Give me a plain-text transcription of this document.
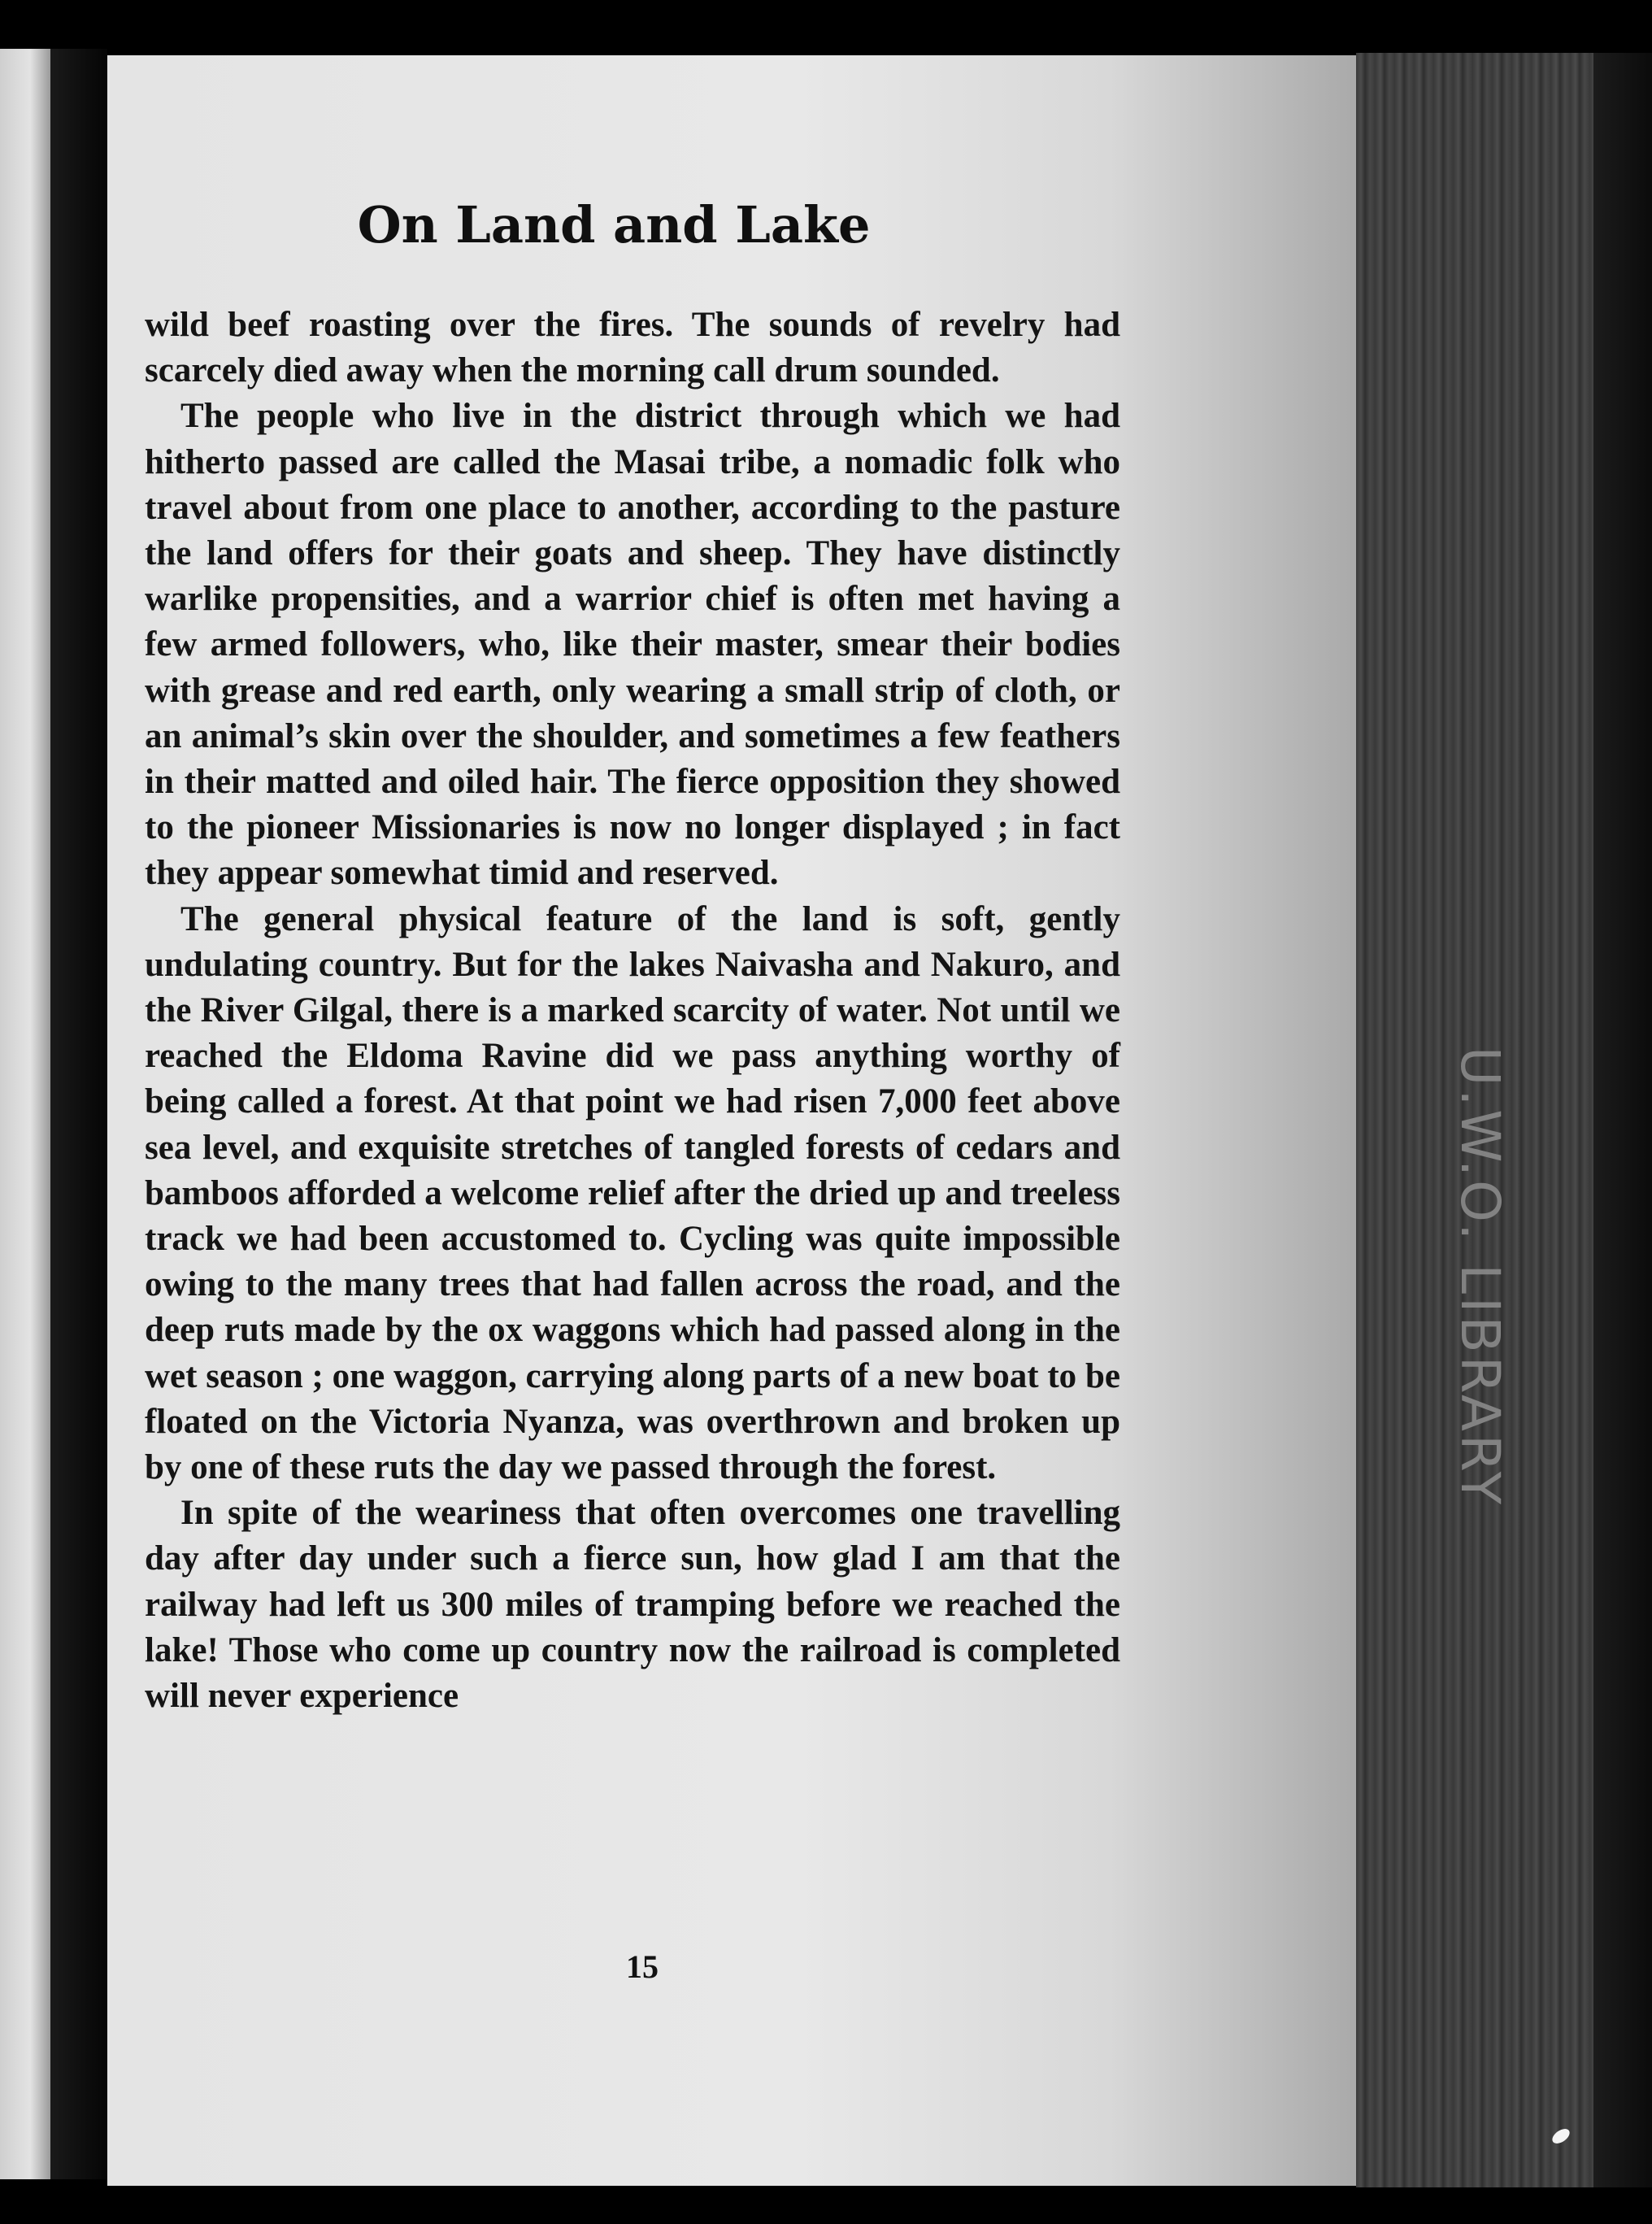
U.W.O. LIBRARY
On Land and Lake

wild beef roasting over the fires. The sounds of revelry had scarcely died away when the morning call drum sounded.

The people who live in the district through which we had hitherto passed are called the Masai tribe, a nomadic folk who travel about from one place to another, according to the pasture the land offers for their goats and sheep. They have distinctly warlike propensities, and a warrior chief is often met having a few armed followers, who, like their master, smear their bodies with grease and red earth, only wearing a small strip of cloth, or an animal’s skin over the shoulder, and sometimes a few feathers in their matted and oiled hair. The fierce opposition they showed to the pioneer Missionaries is now no longer displayed ; in fact they appear somewhat timid and reserved.

The general physical feature of the land is soft, gently undulating country. But for the lakes Naivasha and Nakuro, and the River Gilgal, there is a marked scarcity of water. Not until we reached the Eldoma Ravine did we pass anything worthy of being called a forest. At that point we had risen 7,000 feet above sea level, and exquisite stretches of tangled forests of cedars and bamboos afforded a welcome relief after the dried up and treeless track we had been accustomed to. Cycling was quite impossible owing to the many trees that had fallen across the road, and the deep ruts made by the ox waggons which had passed along in the wet season ; one waggon, carrying along parts of a new boat to be floated on the Victoria Nyanza, was overthrown and broken up by one of these ruts the day we passed through the forest.

In spite of the weariness that often overcomes one travelling day after day under such a fierce sun, how glad I am that the railway had left us 300 miles of tramping before we reached the lake! Those who come up country now the railroad is completed will never experience

15
